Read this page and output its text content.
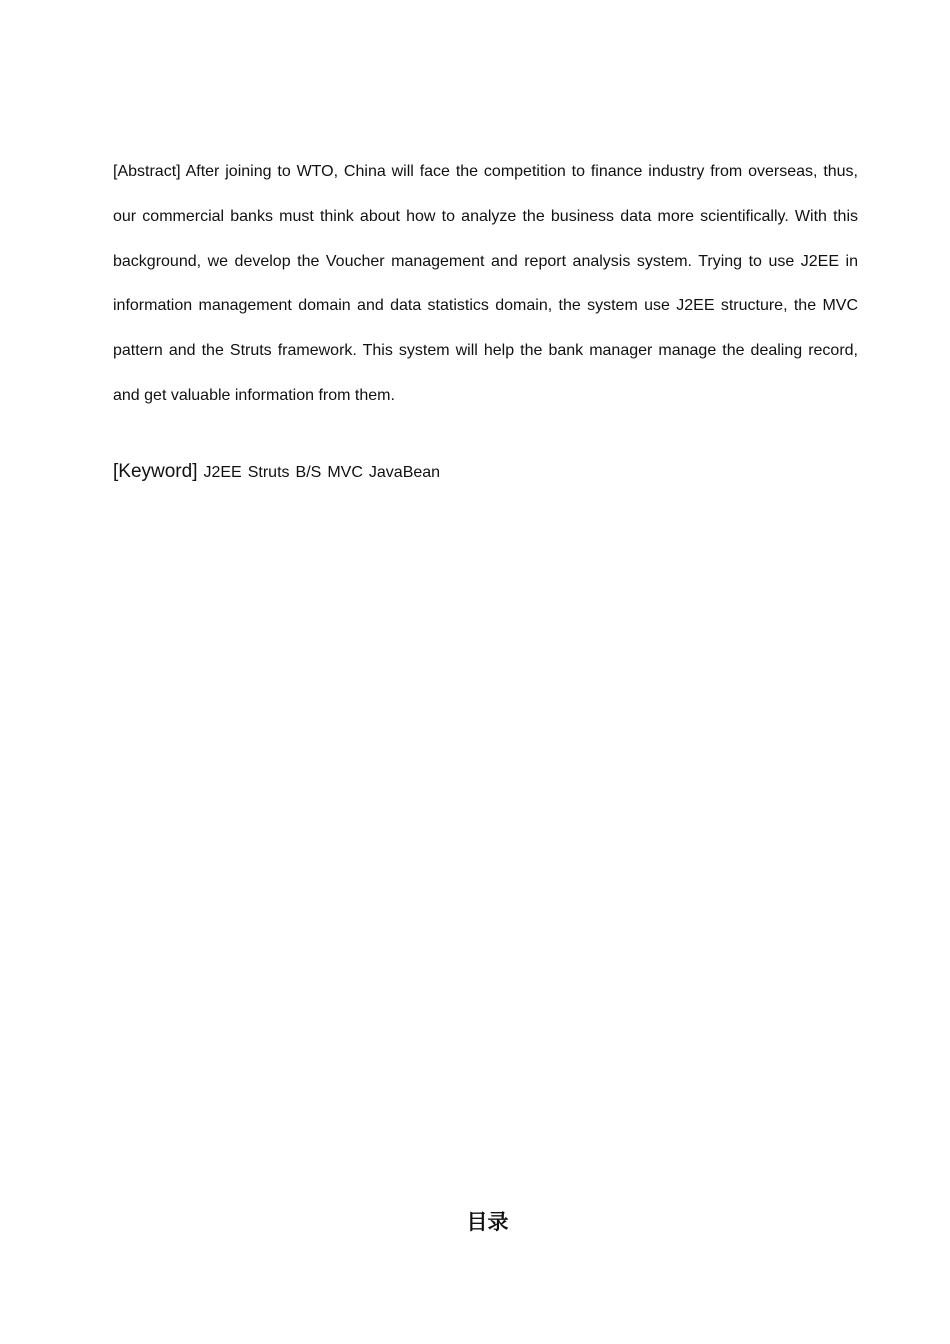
[Abstract] After joining to WTO, China will face the competition to finance industry from overseas, thus, our commercial banks must think about how to analyze the business data more scientifically. With this background, we develop the Voucher management and report analysis system. Trying to use J2EE in information management domain and data statistics domain, the system use J2EE structure, the MVC pattern and the Struts framework. This system will help the bank manager manage the dealing record, and get valuable information from them.

[Keyword] J2EE Struts B/S MVC JavaBean

目录
